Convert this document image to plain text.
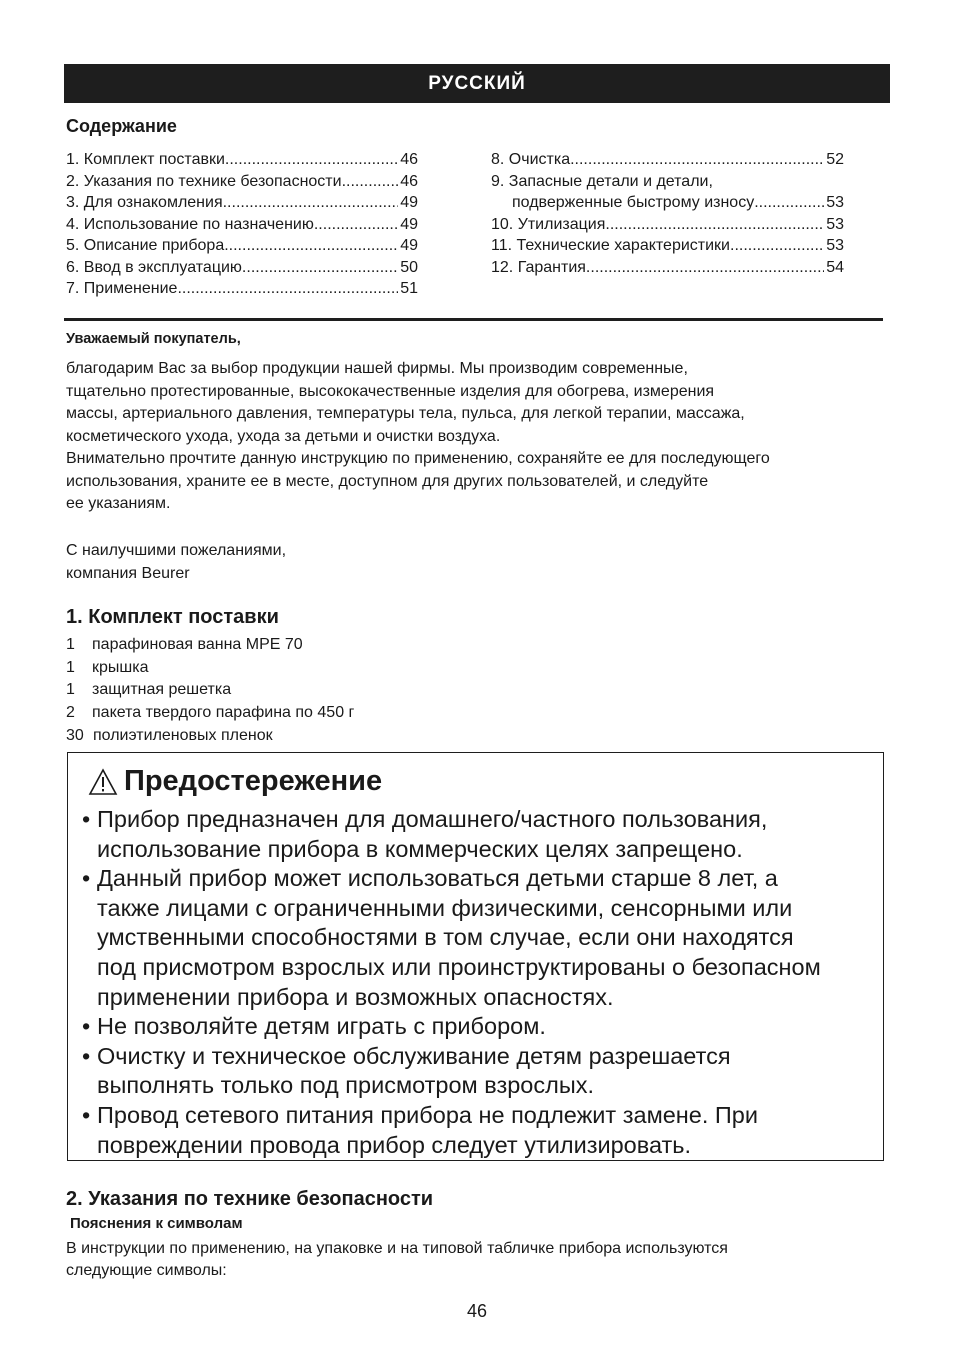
РУССКИЙ
Содержание
1. Комплект поставки .....	46
2. Указания по технике безопасности .....	46
3. Для ознакомления .....	49
4. Использование по назначению .....	49
5. Описание прибора .....	49
6. Ввод в эксплуатацию .....	50
7. Применение .....	51
8. Очистка .....	52
9. Запасные детали и детали,
подверженные быстрому износу .....	53
10. Утилизация .....	53
11. Технические характеристики .....	53
12. Гарантия .....	54
Уважаемый покупатель,

благодарим Вас за выбор продукции нашей фирмы. Мы производим современные,

тщательно протестированные, высококачественные изделия для обогрева, измерения

массы, артериального давления, температуры тела, пульса, для легкой терапии, массажа,

косметического ухода, ухода за детьми и очистки воздуха.

Внимательно прочтите данную инструкцию по применению, сохраняйте ее для последующего

использования, храните ее в месте, доступном для других пользователей, и следуйте

ее указаниям.

С наилучшими пожеланиями,

компания Beurer

1. Комплект поставки
1	парафиновая ванна MPE 70
1	крышка
1	защитная решетка
2	пакета твердого парафина по 450 г
30 полиэтиленовых пленок
Предостережение
• Прибор предназначен для домашнего/частного пользования,

использование прибора в коммерческих целях запрещено.

• Данный прибор может использоваться детьми старше 8 лет, а

также лицами с ограниченными физическими, сенсорными или

умственными способностями в том случае, если они находятся

под присмотром взрослых или проинструктированы о безопасном

применении прибора и возможных опасностях.

• Не позволяйте детям играть с прибором.

• Очистку и техническое обслуживание детям разрешается

выполнять только под присмотром взрослых.

• Провод сетевого питания прибора не подлежит замене. При

повреждении провода прибор следует утилизировать.

2. Указания по технике безопасности
Пояснения к символам

В инструкции по применению, на упаковке и на типовой табличке прибора используются

следующие символы:

46
